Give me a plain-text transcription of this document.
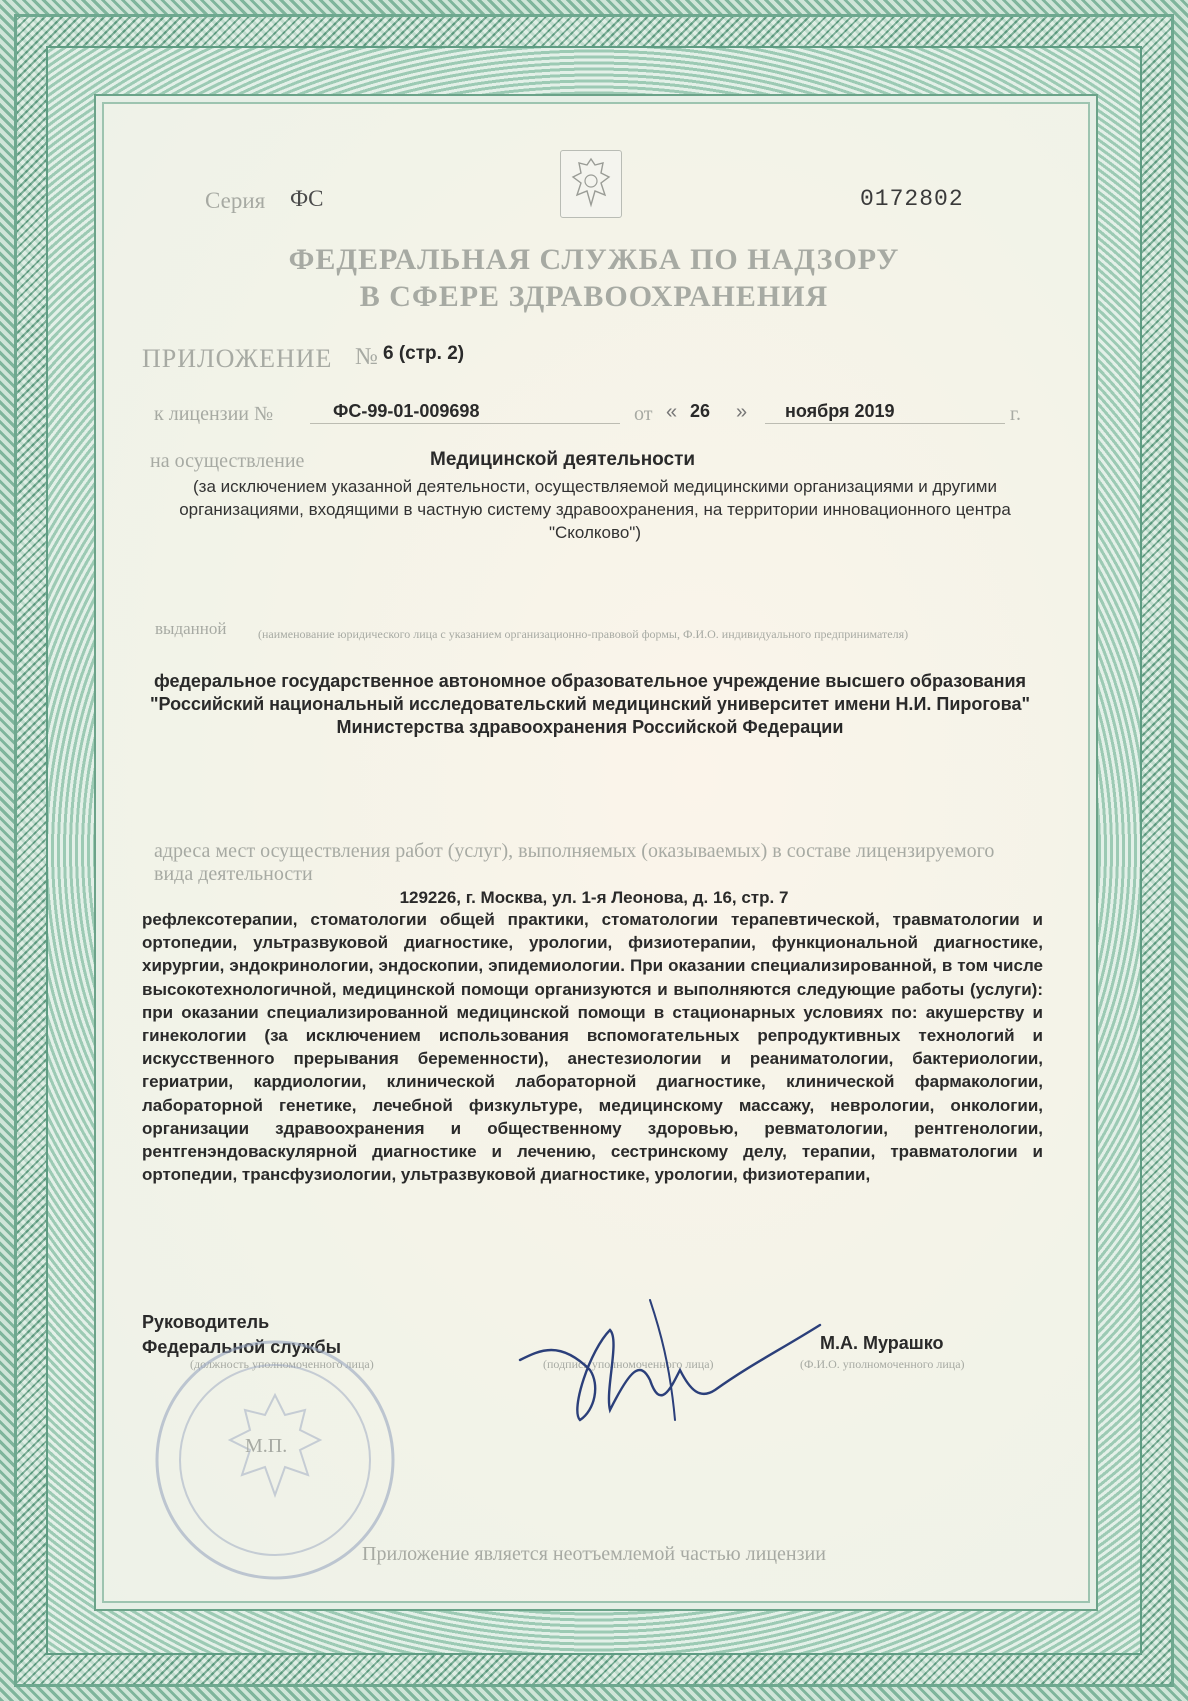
Серия ФС	0172802
ФЕДЕРАЛЬНАЯ СЛУЖБА ПО НАДЗОРУ
В СФЕРЕ ЗДРАВООХРАНЕНИЯ
ПРИЛОЖЕНИЕ № 6 (стр. 2)
к лицензии №	ФС-99-01-009698	от « 26 » ноября 2019	г.
на осуществление	Медицинской деятельности
(за исключением указанной деятельности, осуществляемой медицинскими организациями и другими организациями, входящими в частную систему здравоохранения, на территории инновационного центра "Сколково")
выданной	(наименование юридического лица с указанием организационно-правовой формы, Ф.И.О. индивидуального предпринимателя)
федеральное государственное автономное образовательное учреждение высшего образования "Российский национальный исследовательский медицинский университет имени Н.И. Пирогова" Министерства здравоохранения Российской Федерации
адреса мест осуществления работ (услуг), выполняемых (оказываемых) в составе лицензируемого вида деятельности
129226, г. Москва, ул. 1-я Леонова, д. 16, стр. 7
рефлексотерапии, стоматологии общей практики, стоматологии терапевтической, травматологии и ортопедии, ультразвуковой диагностике, урологии, физиотерапии, функциональной диагностике, хирургии, эндокринологии, эндоскопии, эпидемиологии. При оказании специализированной, в том числе высокотехнологичной, медицинской помощи организуются и выполняются следующие работы (услуги): при оказании специализированной медицинской помощи в стационарных условиях по: акушерству и гинекологии (за исключением использования вспомогательных репродуктивных технологий и искусственного прерывания беременности), анестезиологии и реаниматологии, бактериологии, гериатрии, кардиологии, клинической лабораторной диагностике, клинической фармакологии, лабораторной генетике, лечебной физкультуре, медицинскому массажу, неврологии, онкологии, организации здравоохранения и общественному здоровью, ревматологии, рентгенологии, рентгенэндоваскулярной диагностике и лечению, сестринскому делу, терапии, травматологии и ортопедии, трансфузиологии, ультразвуковой диагностике, урологии, физиотерапии,
Руководитель
Федеральной службы
(должность уполномоченного лица)	(подпись уполномоченного лица)
М.А. Мурашко
(Ф.И.О. уполномоченного лица)
М.П.
Приложение является неотъемлемой частью лицензии
